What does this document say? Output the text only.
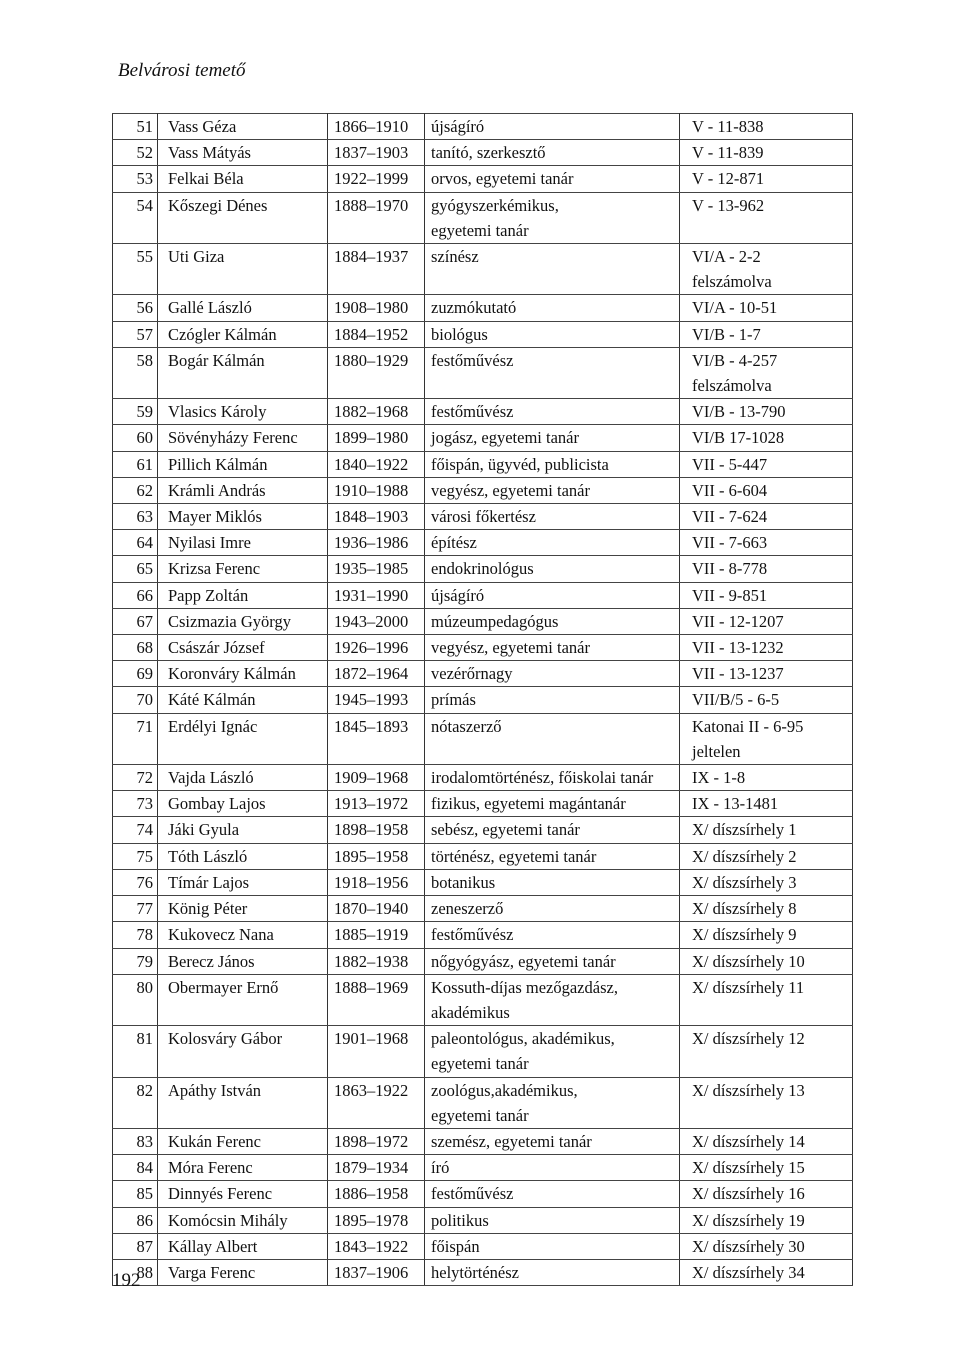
Belvárosi temető
51	Vass Géza	1866–1910	újságíró	V - 11-838

52	Vass Mátyás	1837–1903	tanító, szerkesztő	V - 11-839

53	Felkai Béla	1922–1999	orvos, egyetemi tanár	V - 12-871

54	Kőszegi Dénes	1888–1970	gyógyszerkémikus,
egyetemi tanár	V - 13-962

55	Uti Giza	1884–1937	színész	VI/A - 2-2
felszámolva

56	Gallé László	1908–1980	zuzmókutató	VI/A - 10-51

57	Czógler Kálmán	1884–1952	biológus	VI/B - 1-7

58	Bogár Kálmán	1880–1929	festőművész	VI/B - 4-257
felszámolva

59	Vlasics Károly	1882–1968	festőművész	VI/B - 13-790

60	Sövényházy Ferenc	1899–1980	jogász, egyetemi tanár	VI/B 17-1028

61	Pillich Kálmán	1840–1922	főispán, ügyvéd, publicista	VII - 5-447

62	Krámli András	1910–1988	vegyész, egyetemi tanár	VII - 6-604

63	Mayer Miklós	1848–1903	városi főkertész	VII - 7-624

64	Nyilasi Imre	1936–1986	építész	VII - 7-663

65	Krizsa Ferenc	1935–1985	endokrinológus	VII - 8-778

66	Papp Zoltán	1931–1990	újságíró	VII - 9-851

67	Csizmazia György	1943–2000	múzeumpedagógus	VII - 12-1207

68	Császár József	1926–1996	vegyész, egyetemi tanár	VII - 13-1232

69	Koronváry Kálmán	1872–1964	vezérőrnagy	VII - 13-1237

70	Káté Kálmán	1945–1993	prímás	VII/B/5 - 6-5

71	Erdélyi Ignác	1845–1893	nótaszerző	Katonai II - 6-95
jeltelen

72	Vajda László	1909–1968	irodalomtörténész, főiskolai tanár	IX - 1-8

73	Gombay Lajos	1913–1972	fizikus, egyetemi magántanár	IX - 13-1481

74	Jáki Gyula	1898–1958	sebész, egyetemi tanár	X/ díszsírhely 1

75	Tóth László	1895–1958	történész, egyetemi tanár	X/ díszsírhely 2

76	Tímár Lajos	1918–1956	botanikus	X/ díszsírhely 3

77	König Péter	1870–1940	zeneszerző	X/ díszsírhely 8

78	Kukovecz Nana	1885–1919	festőművész	X/ díszsírhely 9

79	Berecz János	1882–1938	nőgyógyász, egyetemi tanár	X/ díszsírhely 10

80	Obermayer Ernő	1888–1969	Kossuth-díjas mezőgazdász,
akadémikus	X/ díszsírhely 11

81	Kolosváry Gábor	1901–1968	paleontológus, akadémikus,
egyetemi tanár	X/ díszsírhely 12

82	Apáthy István	1863–1922	zoológus,akadémikus,
egyetemi tanár	X/ díszsírhely 13

83	Kukán Ferenc	1898–1972	szemész, egyetemi tanár	X/ díszsírhely 14

84	Móra Ferenc	1879–1934	író	X/ díszsírhely 15

85	Dinnyés Ferenc	1886–1958	festőművész	X/ díszsírhely 16

86	Komócsin Mihály	1895–1978	politikus	X/ díszsírhely 19

87	Kállay Albert	1843–1922	főispán	X/ díszsírhely 30

88	Varga Ferenc	1837–1906	helytörténész	X/ díszsírhely 34
192
